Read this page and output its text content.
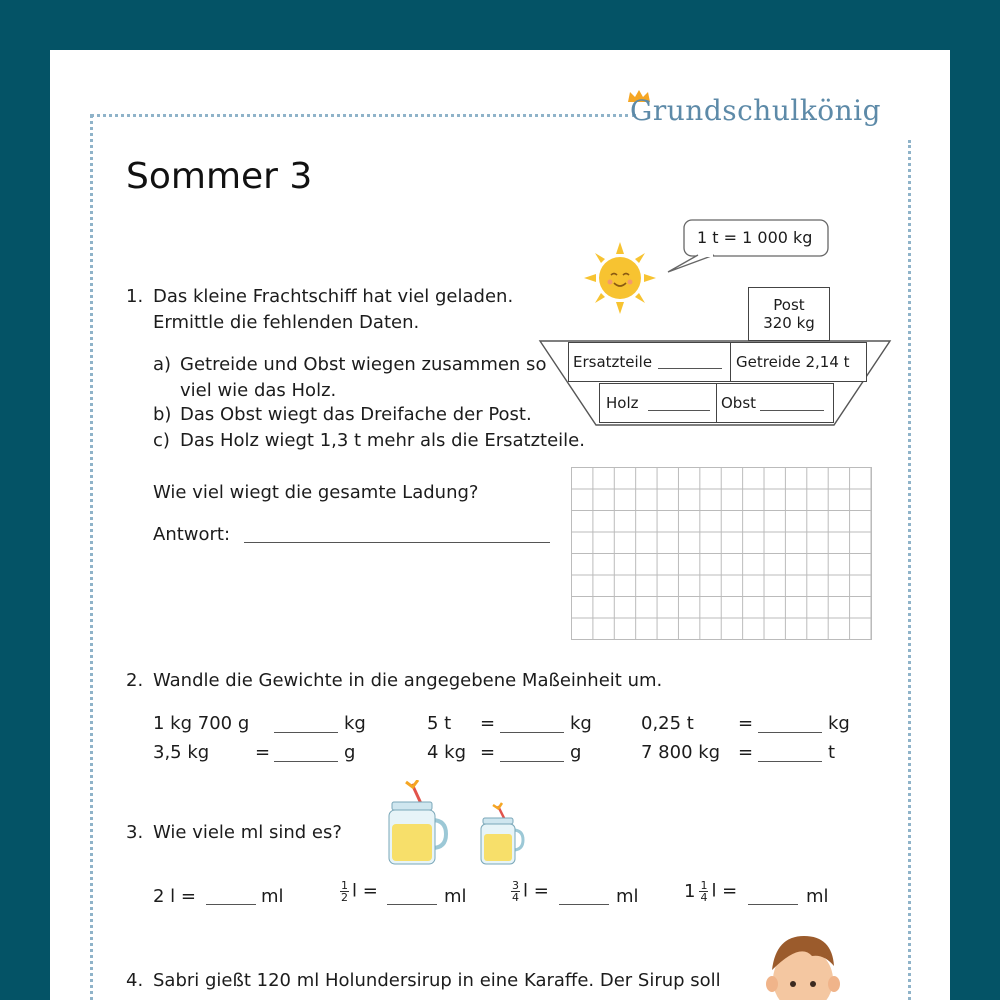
Grundschulkönig
Sommer 3
1. Das kleine Frachtschiff hat viel geladen.
Ermittle die fehlenden Daten.
a) Getreide und Obst wiegen zusammen so
viel wie das Holz.
b) Das Obst wiegt das Dreifache der Post.
c) Das Holz wiegt 1,3 t mehr als die Ersatzteile.
Wie viel wiegt die gesamte Ladung?
Antwort:
1 t = 1 000 kg
Post
320 kg
Ersatzteile	Getreide 2,14 t
Holz	Obst
2. Wandle die Gewichte in die angegebene Maßeinheit um.
1 kg 700 g	kg	5 t =	kg	0,25 t =	kg
3,5 kg	=	g	4 kg =	g	7 800 kg =	t
3. Wie viele ml sind es?
2 l =	ml	$\frac{1}{2}$ l =	ml	$\frac{3}{4}$ l =	ml	$1 \frac{1}{4}$ l =	ml
4. Sabri gießt 120 ml Holundersirup in eine Karaffe. Der Sirup soll
